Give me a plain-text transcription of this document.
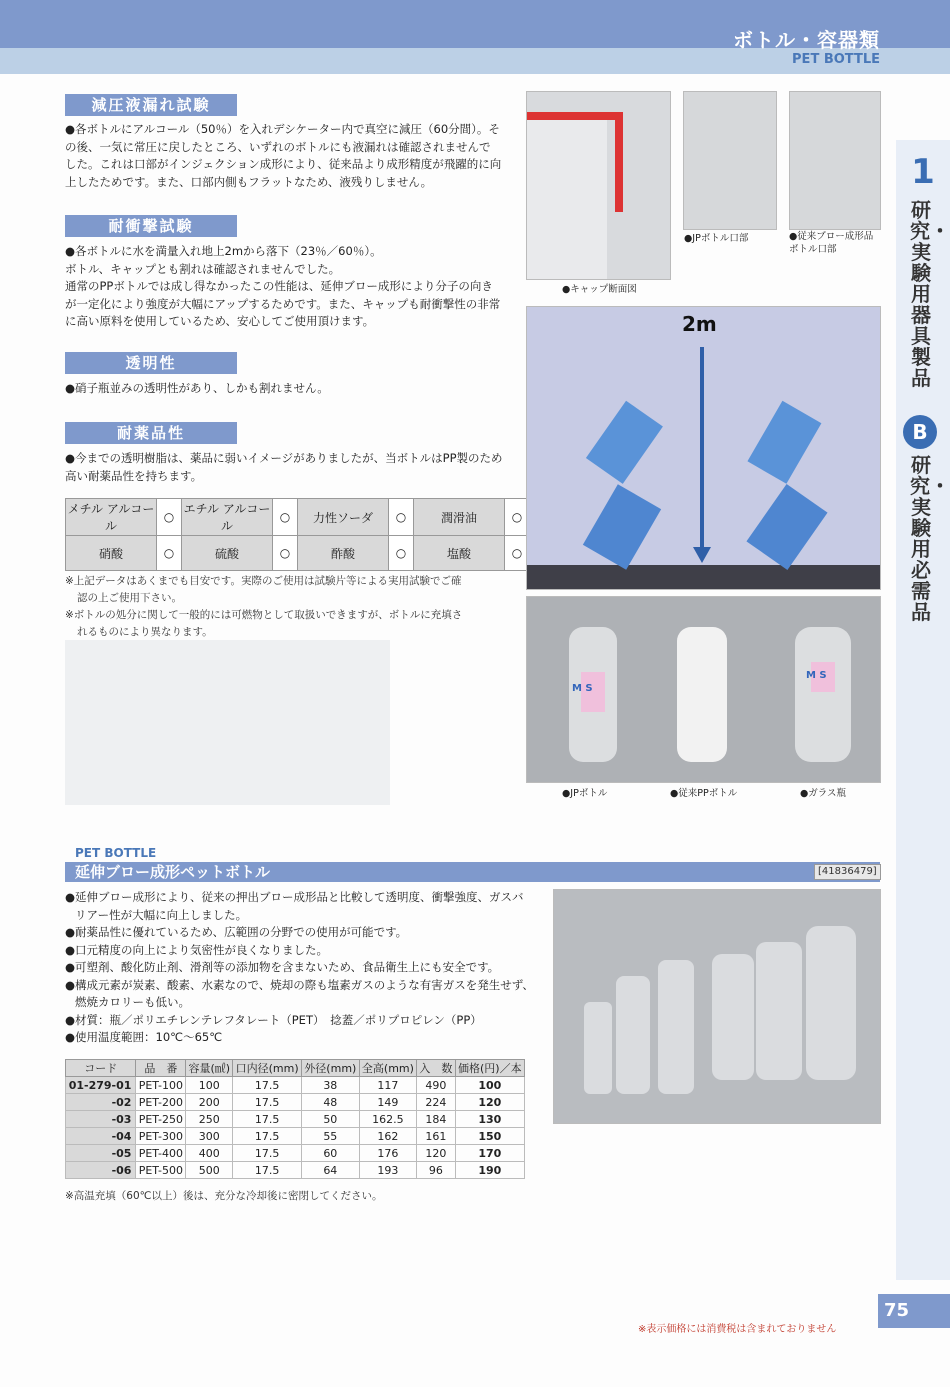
ボトル・容器類
PET BOTTLE
1
研究・実験用器具製品
B
研究・実験用必需品
減圧液漏れ試験
●各ボトルにアルコール（50％）を入れデシケーター内で真空に減圧（60分間）。そ
の後、一気に常圧に戻したところ、いずれのボトルにも液漏れは確認されませんで
した。これは口部がインジェクション成形により、従来品より成形精度が飛躍的に向
上したためです。また、口部内側もフラットなため、液残りしません。
耐衝撃試験
●各ボトルに水を満量入れ地上2mから落下（23％／60％）。
ボトル、キャップとも割れは確認されませんでした。
通常のPPボトルでは成し得なかったこの性能は、延伸ブロー成形により分子の向き
が一定化により強度が大幅にアップするためです。また、キャップも耐衝撃性の非常
に高い原料を使用しているため、安心してご使用頂けます。
透明性
●硝子瓶並みの透明性があり、しかも割れません。
耐薬品性
●今までの透明樹脂は、薬品に弱いイメージがありましたが、当ボトルはPP製のため
高い耐薬品性を持ちます。
メチル アルコール	○	エチル アルコール	○	力性ソーダ	○	潤滑油	○
硝酸	○	硫酸	○	酢酸	○	塩酸	○
※上記データはあくまでも目安です。実際のご使用は試験片等による実用試験でご確
認の上ご使用下さい。
※ボトルの処分に関して一般的には可燃物として取扱いできますが、ボトルに充填さ
れるものにより異なります。
●キャップ断面図
●JPボトル口部	●従来ブロー成形品ボトル口部
2m
M S
M S
●JPボトル	●従来PPボトル	●ガラス瓶
PET BOTTLE
延伸ブロー成形ペットボトル	[41836479]
●延伸ブロー成形により、従来の押出ブロー成形品と比較して透明度、衝撃強度、ガスバ
リアー性が大幅に向上しました。
●耐薬品性に優れているため、広範囲の分野での使用が可能です。
●口元精度の向上により気密性が良くなりました。
●可塑剤、酸化防止剤、滑剤等の添加物を含まないため、食品衛生上にも安全です。
●構成元素が炭素、酸素、水素なので、焼却の際も塩素ガスのような有害ガスを発生せず、
燃焼カロリーも低い。
●材質：瓶／ポリエチレンテレフタレート（PET）　捻蓋／ポリプロピレン（PP）
●使用温度範囲：10℃〜65℃
コード	品　番	容量(㎖)	口内径(mm)	外径(mm)	全高(mm)	入　数	価格(円)／本
01-279-01	PET-100	100	17.5	38	117	490	100
-02	PET-200	200	17.5	48	149	224	120
-03	PET-250	250	17.5	50	162.5	184	130
-04	PET-300	300	17.5	55	162	161	150
-05	PET-400	400	17.5	60	176	120	170
-06	PET-500	500	17.5	64	193	96	190
※高温充填（60℃以上）後は、充分な冷却後に密閉してください。
75
※表示価格には消費税は含まれておりません
